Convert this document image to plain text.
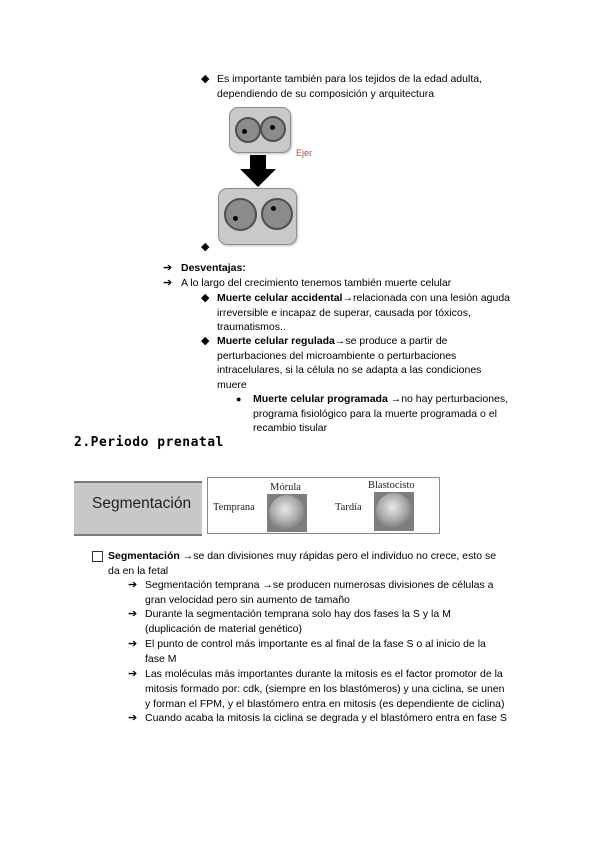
◆ Es importante también para los tejidos de la edad adulta,
dependiendo de su composición y arquitectura
Ejer
◆
➔ Desventajas:
➔ A lo largo del crecimiento tenemos también muerte celular
◆ Muerte celular accidental→relacionada con una lesión aguda
irreversible e incapaz de superar, causada por tóxicos,
traumatismos..
◆ Muerte celular regulada→se produce a partir de
perturbaciones del microambiente o perturbaciones
intracelulares, si la célula no se adapta a las condiciones
muere
● Muerte celular programada →no hay perturbaciones,
programa fisiológico para la muerte programada o el
recambio tisular
2.Periodo prenatal
Segmentación Temprana
Mórula
Tardía
Blastocisto
Segmentación →se dan divisiones muy rápidas pero el individuo no crece, esto se
da en la fetal
➔ Segmentación temprana →se producen numerosas divisiones de células a
gran velocidad pero sin aumento de tamaño
➔ Durante la segmentación temprana solo hay dos fases la S y la M
(duplicación de material genético)
➔ El punto de control más importante es al final de la fase S o al inicio de la
fase M
➔ Las moléculas más importantes durante la mitosis es el factor promotor de la
mitosis formado por: cdk, (siempre en los blastómeros) y una ciclina, se unen
y forman el FPM, y el blastómero entra en mitosis (es dependiente de ciclina)
➔ Cuando acaba la mitosis la ciclina se degrada y el blastómero entra en fase S
